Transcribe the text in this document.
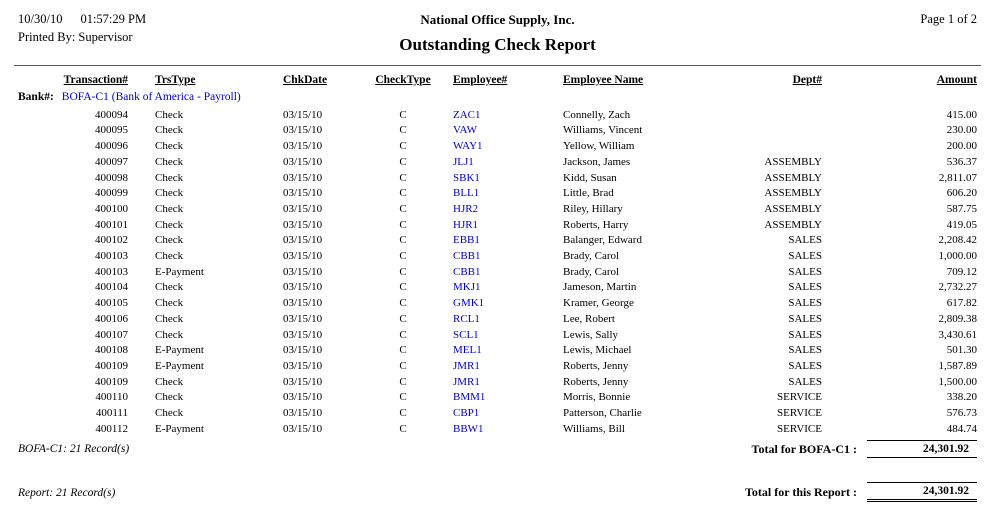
10/30/10 01:57:29 PM
Printed By: Supervisor
National Office Supply, Inc.
Outstanding Check Report
Page 1 of 2
Transaction#	TrsType	ChkDate	CheckType	Employee#	Employee Name	Dept#	Amount
Bank#: BOFA-C1 (Bank of America - Payroll)							
400094	Check	03/15/10	C	ZAC1	Connelly, Zach		415.00
400095	Check	03/15/10	C	VAW	Williams, Vincent		230.00
400096	Check	03/15/10	C	WAY1	Yellow, William		200.00
400097	Check	03/15/10	C	JLJ1	Jackson, James	ASSEMBLY	536.37
400098	Check	03/15/10	C	SBK1	Kidd, Susan	ASSEMBLY	2,811.07
400099	Check	03/15/10	C	BLL1	Little, Brad	ASSEMBLY	606.20
400100	Check	03/15/10	C	HJR2	Riley, Hillary	ASSEMBLY	587.75
400101	Check	03/15/10	C	HJR1	Roberts, Harry	ASSEMBLY	419.05
400102	Check	03/15/10	C	EBB1	Balanger, Edward	SALES	2,208.42
400103	Check	03/15/10	C	CBB1	Brady, Carol	SALES	1,000.00
400103	E-Payment	03/15/10	C	CBB1	Brady, Carol	SALES	709.12
400104	Check	03/15/10	C	MKJ1	Jameson, Martin	SALES	2,732.27
400105	Check	03/15/10	C	GMK1	Kramer, George	SALES	617.82
400106	Check	03/15/10	C	RCL1	Lee, Robert	SALES	2,809.38
400107	Check	03/15/10	C	SCL1	Lewis, Sally	SALES	3,430.61
400108	E-Payment	03/15/10	C	MEL1	Lewis, Michael	SALES	501.30
400109	E-Payment	03/15/10	C	JMR1	Roberts, Jenny	SALES	1,587.89
400109	Check	03/15/10	C	JMR1	Roberts, Jenny	SALES	1,500.00
400110	Check	03/15/10	C	BMM1	Morris, Bonnie	SERVICE	338.20
400111	Check	03/15/10	C	CBP1	Patterson, Charlie	SERVICE	576.73
400112	E-Payment	03/15/10	C	BBW1	Williams, Bill	SERVICE	484.74
BOFA-C1: 21 Record(s)	Total for BOFA-C1 :	24,301.92
Report: 21 Record(s)	Total for this Report :	24,301.92
